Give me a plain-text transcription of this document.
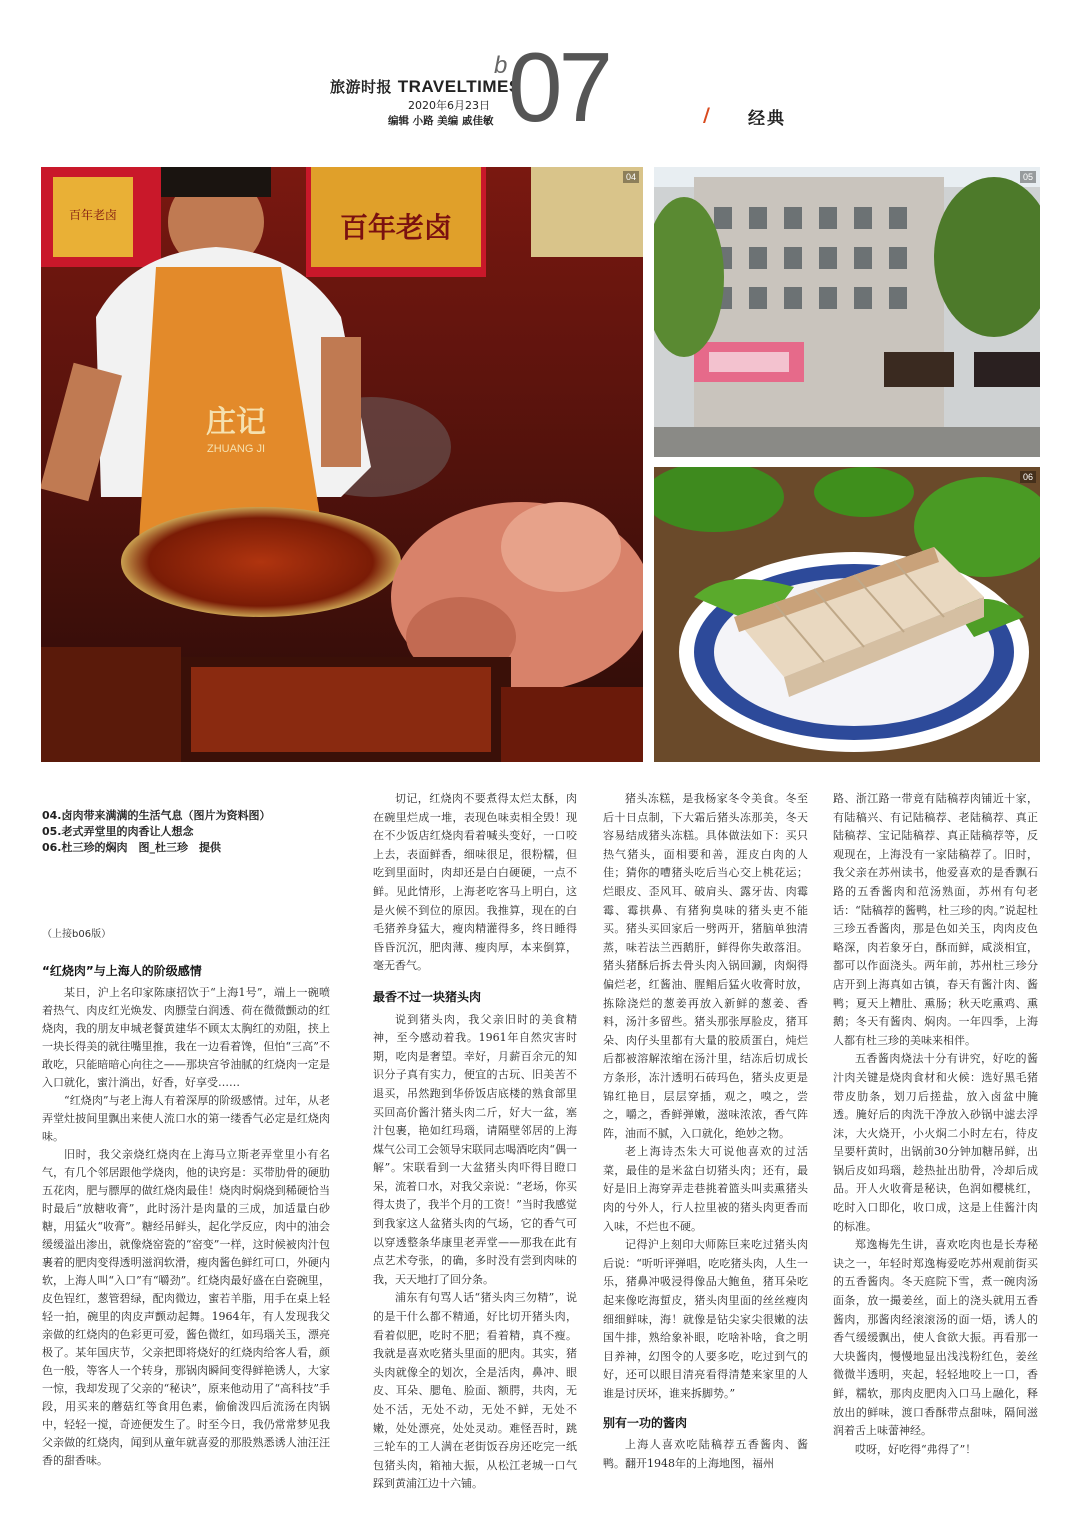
旅游时报 TRAVELTIMES
2020年6月23日
编辑 小路 美编 戚佳敏
b 07	/ 经典
百年老卤	百年老卤
庄记
ZHUANG JI
04	05
06
04.卤肉带来满满的生活气息（图片为资料图）
05.老式弄堂里的肉香让人想念
06.杜三珍的焖肉　图_杜三珍　提供
（上接b06版）
“红烧肉”与上海人的阶级感情

某日，沪上名印家陈康招饮于“上海1号”，端上一碗喷着热气、肉皮红光焕发、肉膘莹白润透、荷在微微颤动的红烧肉，我的朋友申城老餐黄建华不顾太太胸红的劝阻，挟上一块长得美的就往嘴里推，我在一边看着馋，但怕“三高”不敢吃，只能暗暗心向往之——那块宫爷油腻的红烧肉一定是入口就化，蜜汁淌出，好香，好享受……

“红烧肉”与老上海人有着深厚的阶级感情。过年，从老弄堂灶披间里飘出来使人流口水的第一缕香气必定是红烧肉味。

旧时，我父亲烧红烧肉在上海马立斯老弄堂里小有名气，有几个邻居跟他学烧肉，他的诀窍是：买带肋骨的硬肋五花肉，肥与膘厚的做红烧肉最佳！烧肉时焖烧到稀硬恰当时最后“放糖收膏”，此时汤汁是肉量的三成，加适量白砂糖，用猛火“收膏”。糖经吊鲜头，起化学反应，肉中的油会缓缓溢出渗出，就像烧窑瓷的“窑变”一样，这时候被肉汁包裹着的肥肉变得透明滋润软滑，瘦肉酱色鲜红可口，外硬内软，上海人叫“入口”有“嚼劲”。红烧肉最好盛在白瓷碗里，皮色锃红，葱管碧绿，配肉微边，蜜若羊脂，用手在桌上轻轻一拍，碗里的肉皮声颤动起舞。1964年，有人发现我父亲做的红烧肉的色彩更可爱，酱色微红，如玛瑙关玉，漂亮极了。某年国庆节，父亲把即将烧好的红烧肉给客人看，颜色一般，等客人一个转身，那锅肉瞬间变得鲜艳诱人，大家一惊，我却发现了父亲的“秘诀”，原来他动用了“高科技”手段，用买来的蘑菇红等食用色素，偷偷泼四后流汤在肉锅中，轻轻一搅，奇迹便发生了。时至今日，我仍常常梦见我父亲做的红烧肉，闻到从童年就喜爱的那股熟悉诱人油汪汪香的甜香味。

切记，红烧肉不要煮得太烂太酥，肉在碗里烂成一堆，表现色味卖相全毁！现在不少饭店红烧肉看着喊头变好，一口咬上去，表面鲜香，细味很足，很粉糯，但吃到里面时，肉却还是白白硬硬，一点不鲜。见此情形，上海老吃客马上明白，这是火候不到位的原因。我推算，现在的白毛猪养身猛大，瘦肉精灌得多，终日睡得昏昏沉沉，肥肉薄、瘦肉厚，本来倒算，毫无香气。

最香不过一块猪头肉

说到猪头肉，我父亲旧时的美食精神，至今感动着我。1961年自然灾害时期，吃肉是奢望。幸好，月薪百余元的知识分子真有实力，便宜的古玩、旧美苦不退买，吊然跑到华侨饭店底楼的熟食部里买回高价酱汁猪头肉二斤，好大一盆，塞汁包裹，艳如红玛瑙，请隔壁邻居的上海煤气公司工会领导宋联同志喝酒吃肉“偶一解”。宋联看到一大盆猪头肉吓得目瞪口呆，流着口水，对我父亲说：“老场，你买得太贵了，我半个月的工资！”当时我感觉到我家这人盆猪头肉的气场，它的香气可以穿透整条华康里老弄堂——那我在此有点艺术夸张，的确，多时没有尝到肉味的我，天天地打了回分条。

浦东有句骂人话“猪头肉三勿精”，说的是干什么都不精通，好比切开猪头肉，看着似肥，吃时不肥；看着精，真不瘦。我就是喜欢吃猪头里面的肥肉。其实，猪头肉就像全的划次，全是活肉，鼻冲、眼皮、耳朵、腮龟、脸面、额腭，共肉，无处不活，无处不动，无处不鲜，无处不嫩，处处漂亮，处处灵动。难怪吾时，跳三轮车的工人满在老街饭吞房还吃完一纸包猪头肉，箱袖大振，从松江老城一口气踩到黄浦江边十六铺。

猪头冻糕，是我杨家冬令美食。冬至后十日点制，下大霜后猪头冻那美，冬天容易结成猪头冻糕。具体做法如下：买只热气猪头，面相要和善，涯皮白肉的人佳；猜你的嘈猪头吃后当心交上桃花运；烂眼皮、歪风耳、破肩头、露牙齿、肉霉霉、霉拱鼻、有猪狗臭味的猪头吏不能买。猪头买回家后一劈两开，猪脑单独清蒸，味若法兰西鹅肝，鲜得你失敢落泪。猪头猪酥后拆去骨头肉入锅回涮，肉焖得偏烂老，红酱油、腥鲳后猛火收膏时放，拣除浇烂的葱姜再放入新鲜的葱姜、香料，汤汁多留些。猪头那张厚脸皮，猪耳朵、肉仔头里都有大量的胶质蛋白，炖烂后都被溶解浓缩在汤汁里，结冻后切成长方条形，冻汁透明石砖玛色，猪头皮更是锦红艳目，层层穿插，观之，嗅之，尝之，嚼之，香鲜弹嫩，滋味浓浓，香气阵阵，油而不腻，入口就化，绝妙之物。

老上海诗杰朱大可说他喜欢的过活菜，最佳的是米盆白切猪头肉；还有，最好是旧上海穿弄走巷挑着篮头叫卖熏猪头肉的兮外人，行人拉里被的猪头肉更香而入味，不烂也不硬。

记得沪上刻印大师陈巨来吃过猪头肉后说：“听听评弹唱，吃吃猪头肉，人生一乐，猪鼻冲吸浸得像品大鲍鱼，猪耳朵吃起来像吃海蜇皮，猪头肉里面的丝丝瘦肉细细鲜味，海！就像是钻尖家尖很嫩的法国牛排，熟给象补眼，吃啥补啥，食之明目养神，幻图令的人要多吃，吃过到气的好，还可以眼目清亮看得清楚来家里的人谁是讨厌坏，谁来拆脚势。”

别有一功的酱肉

上海人喜欢吃陆稿荐五香酱肉、酱鸭。翻开1948年的上海地图，福州

路、浙江路一带竟有陆稿荐肉铺近十家，有陆稿兴、有记陆稿荐、老陆稿荐、真正陆稿荐、宝记陆稿荐、真正陆稿荐等，反观现在，上海没有一家陆稿荐了。旧时，我父亲在苏州读书，他爱喜欢的是香飘石路的五香酱肉和范汤熟面，苏州有句老话：“陆稿荐的酱鸭，杜三珍的肉。”说起杜三珍五香酱肉，那是色如关玉，肉肉皮色略深，肉若象牙白，酥而鲜，咸淡相宜，都可以作面浇头。两年前，苏州杜三珍分店开到上海真如古镇，春天有酱汁肉、酱鸭；夏天上糟肚、熏肠；秋天吃熏鸡、熏鹅；冬天有酱肉、焖肉。一年四季，上海人都有杜三珍的美味来相伴。

五香酱肉烧法十分有讲究，好吃的酱汁肉关键是烧肉食材和火候：选好黑毛猪带皮肋条，划刀后搓盐，放入卤盆中腌透。腌好后的肉洗干净放入砂锅中滤去浮沫，大火烧开，小火焖二小时左右，待皮呈要杆黄时，出锅前30分钟加糖吊鲜，出锅后皮如玛瑙，趁热扯出肋骨，冷却后成品。开人火收膏是秘诀，色润如樱桃红，吃时入口即化，收口成，这是上佳酱汁肉的标准。

郑逸梅先生讲，喜欢吃肉也是长寿秘诀之一，年轻时郑逸梅爱吃苏州观前街买的五香酱肉。冬天庭院下雪，煮一碗肉汤面条，放一撮姜丝，面上的浇头就用五香酱肉，那酱肉经滚滚汤的面一焐，诱人的香气缓缓飘出，使人食欲大振。再看那一大块酱肉，慢慢地显出浅浅粉红色，姜丝微微半透明，夹起，轻轻地咬上一口，香鲜，糯软，那肉皮肥肉入口马上融化，释放出的鲜味，渡口香酥带点甜味，隔间滋润着舌上味蕾神经。

哎呀，好吃得“弗得了”！
